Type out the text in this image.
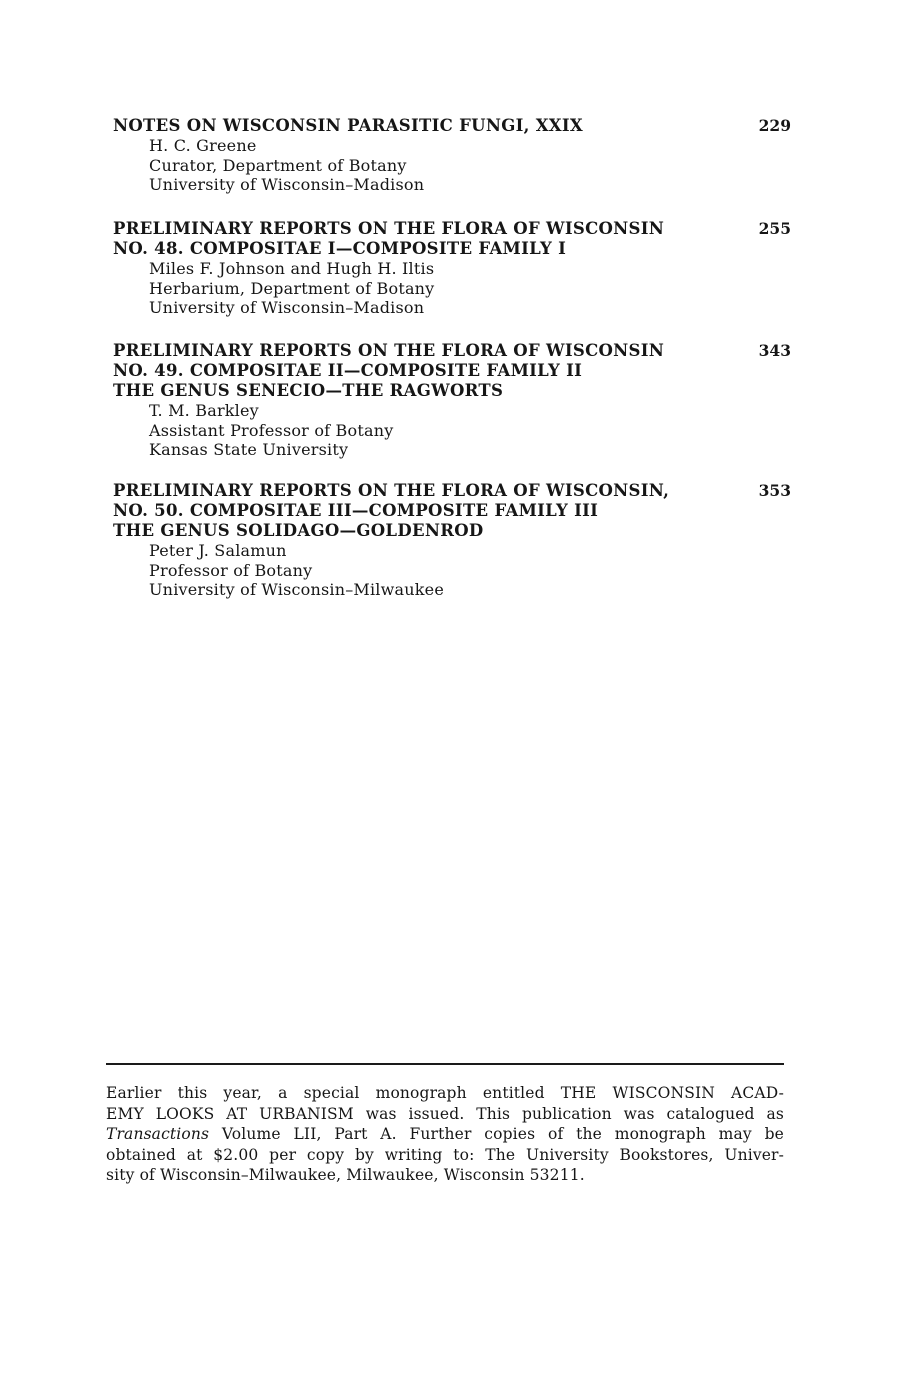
NOTES ON WISCONSIN PARASITIC FUNGI, XXIX	229
H. C. Greene
Curator, Department of Botany
University of Wisconsin–Madison
PRELIMINARY REPORTS ON THE FLORA OF WISCONSIN
NO. 48. COMPOSITAE I—COMPOSITE FAMILY I
255
Miles F. Johnson and Hugh H. Iltis
Herbarium, Department of Botany
University of Wisconsin–Madison
PRELIMINARY REPORTS ON THE FLORA OF WISCONSIN
NO. 49. COMPOSITAE II—COMPOSITE FAMILY II
THE GENUS SENECIO—THE RAGWORTS
343
T. M. Barkley
Assistant Professor of Botany
Kansas State University
PRELIMINARY REPORTS ON THE FLORA OF WISCONSIN,
NO. 50. COMPOSITAE III—COMPOSITE FAMILY III
THE GENUS SOLIDAGO—GOLDENROD
353
Peter J. Salamun
Professor of Botany
University of Wisconsin–Milwaukee
Earlier this year, a special monograph entitled THE WISCONSIN ACAD-
EMY LOOKS AT URBANISM was issued. This publication was catalogued as
Transactions Volume LII, Part A. Further copies of the monograph may be
obtained at $2.00 per copy by writing to: The University Bookstores, Univer-
sity of Wisconsin–Milwaukee, Milwaukee, Wisconsin 53211.
